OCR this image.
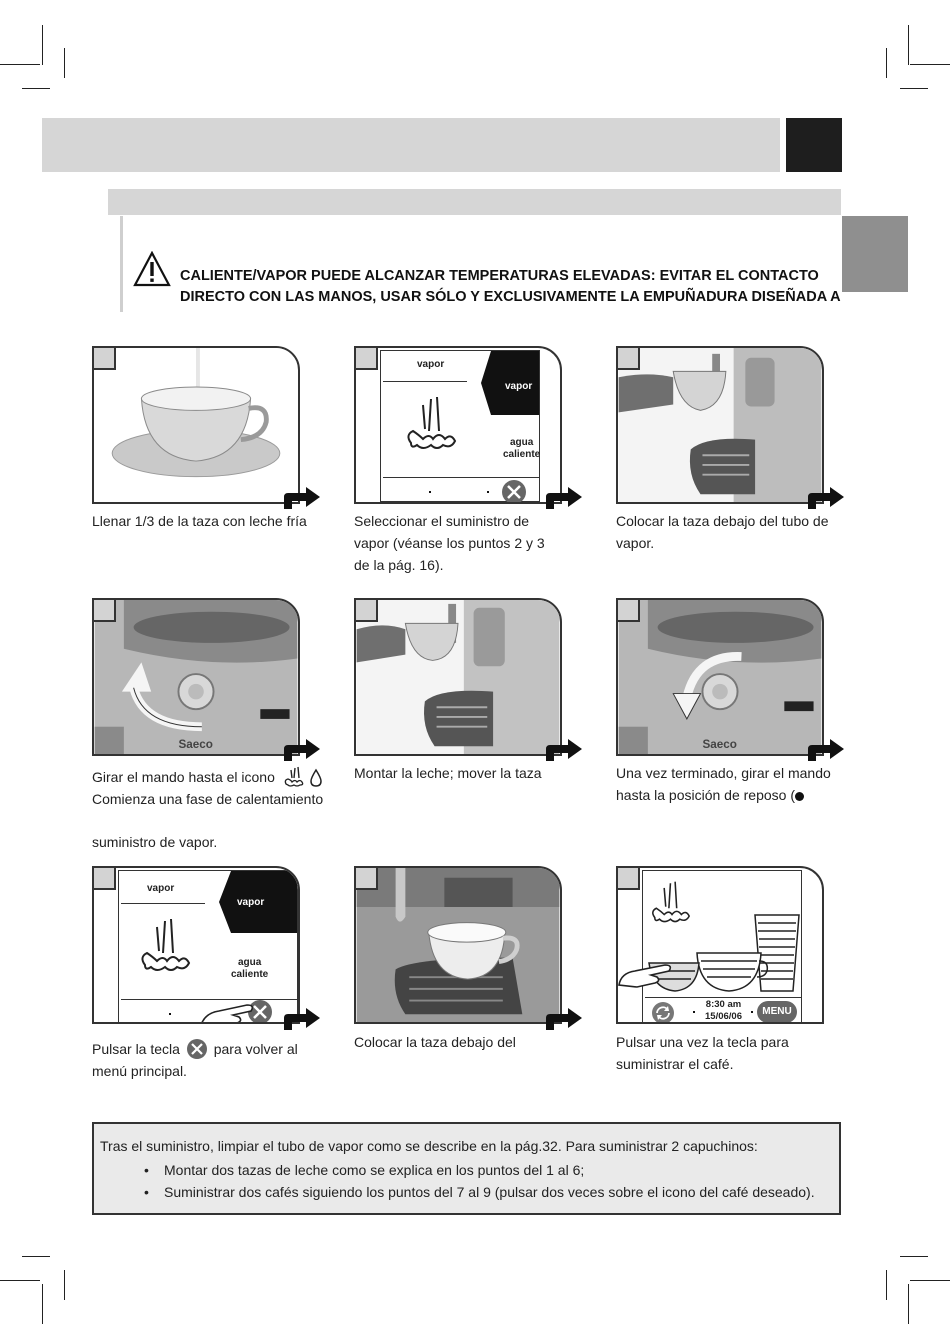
CALIENTE/VAPOR PUEDE ALCANZAR TEMPERATURAS ELEVADAS: EVITAR EL CONTACTO
DIRECTO CON LAS MANOS, USAR SÓLO Y EXCLUSIVAMENTE LA EMPUÑADURA DISEÑADA A
Llenar 1/3 de la taza con leche fría
vapor
vapor
agua
caliente
Seleccionar el suministro de
vapor (véanse los puntos 2 y 3
de la pág. 16).
Colocar la taza debajo del tubo de
vapor.
Saeco
Girar el mando hasta el icono
Comienza una fase de calentamiento
suministro de vapor.
Montar la leche; mover la taza
Saeco
Una vez terminado, girar el mando
hasta la posición de reposo (
vapor
vapor
agua
caliente
Pulsar la tecla para volver al
menú principal.
Colocar la taza debajo del
8:30 am
15/06/06	MENU
Pulsar una vez la tecla para
suministrar el café.
Tras el suministro, limpiar el tubo de vapor como se describe en la pág.32. Para suministrar 2 capuchinos:
• Montar dos tazas de leche como se explica en los puntos del 1 al 6;
• Suministrar dos cafés siguiendo los puntos del 7 al 9 (pulsar dos veces sobre el icono del café deseado).
